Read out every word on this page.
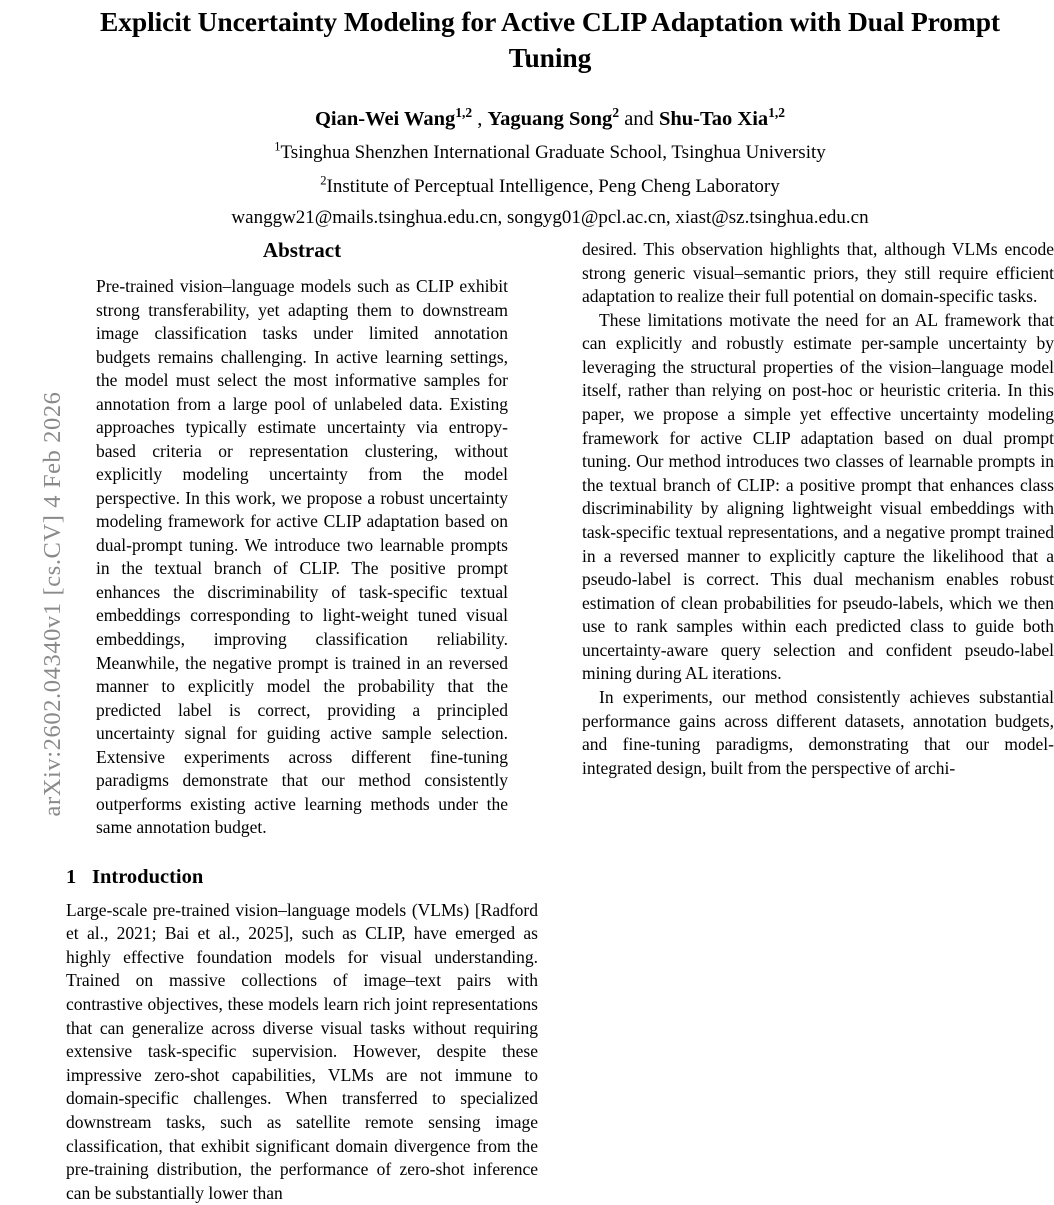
arXiv:2602.04340v1 [cs.CV] 4 Feb 2026
Explicit Uncertainty Modeling for Active CLIP Adaptation with Dual Prompt Tuning
Qian-Wei Wang$^{1,2}$ , Yaguang Song$^2$ and Shu-Tao Xia$^{1,2}$
$^1$Tsinghua Shenzhen International Graduate School, Tsinghua University
$^2$Institute of Perceptual Intelligence, Peng Cheng Laboratory
wanggw21@mails.tsinghua.edu.cn, songyg01@pcl.ac.cn, xiast@sz.tsinghua.edu.cn
Abstract
Pre-trained vision–language models such as CLIP exhibit strong transferability, yet adapting them to downstream image classification tasks under limited annotation budgets remains challenging. In active learning settings, the model must select the most informative samples for annotation from a large pool of unlabeled data. Existing approaches typically estimate uncertainty via entropy-based criteria or representation clustering, without explicitly modeling uncertainty from the model perspective. In this work, we propose a robust uncertainty modeling framework for active CLIP adaptation based on dual-prompt tuning. We introduce two learnable prompts in the textual branch of CLIP. The positive prompt enhances the discriminability of task-specific textual embeddings corresponding to light-weight tuned visual embeddings, improving classification reliability. Meanwhile, the negative prompt is trained in an reversed manner to explicitly model the probability that the predicted label is correct, providing a principled uncertainty signal for guiding active sample selection. Extensive experiments across different fine-tuning paradigms demonstrate that our method consistently outperforms existing active learning methods under the same annotation budget.
1 Introduction

Large-scale pre-trained vision–language models (VLMs) [Radford et al., 2021; Bai et al., 2025], such as CLIP, have emerged as highly effective foundation models for visual understanding. Trained on massive collections of image–text pairs with contrastive objectives, these models learn rich joint representations that can generalize across diverse visual tasks without requiring extensive task-specific supervision. However, despite these impressive zero-shot capabilities, VLMs are not immune to domain-specific challenges. When transferred to specialized downstream tasks, such as satellite remote sensing image classification, that exhibit significant domain divergence from the pre-training distribution, the performance of zero-shot inference can be substantially lower than

desired. This observation highlights that, although VLMs encode strong generic visual–semantic priors, they still require efficient adaptation to realize their full potential on domain-specific tasks.

These limitations motivate the need for an AL framework that can explicitly and robustly estimate per-sample uncertainty by leveraging the structural properties of the vision–language model itself, rather than relying on post-hoc or heuristic criteria. In this paper, we propose a simple yet effective uncertainty modeling framework for active CLIP adaptation based on dual prompt tuning. Our method introduces two classes of learnable prompts in the textual branch of CLIP: a positive prompt that enhances class discriminability by aligning lightweight visual embeddings with task-specific textual representations, and a negative prompt trained in a reversed manner to explicitly capture the likelihood that a pseudo-label is correct. This dual mechanism enables robust estimation of clean probabilities for pseudo-labels, which we then use to rank samples within each predicted class to guide both uncertainty-aware query selection and confident pseudo-label mining during AL iterations.

In experiments, our method consistently achieves substantial performance gains across different datasets, annotation budgets, and fine-tuning paradigms, demonstrating that our model-integrated design, built from the perspective of archi-
